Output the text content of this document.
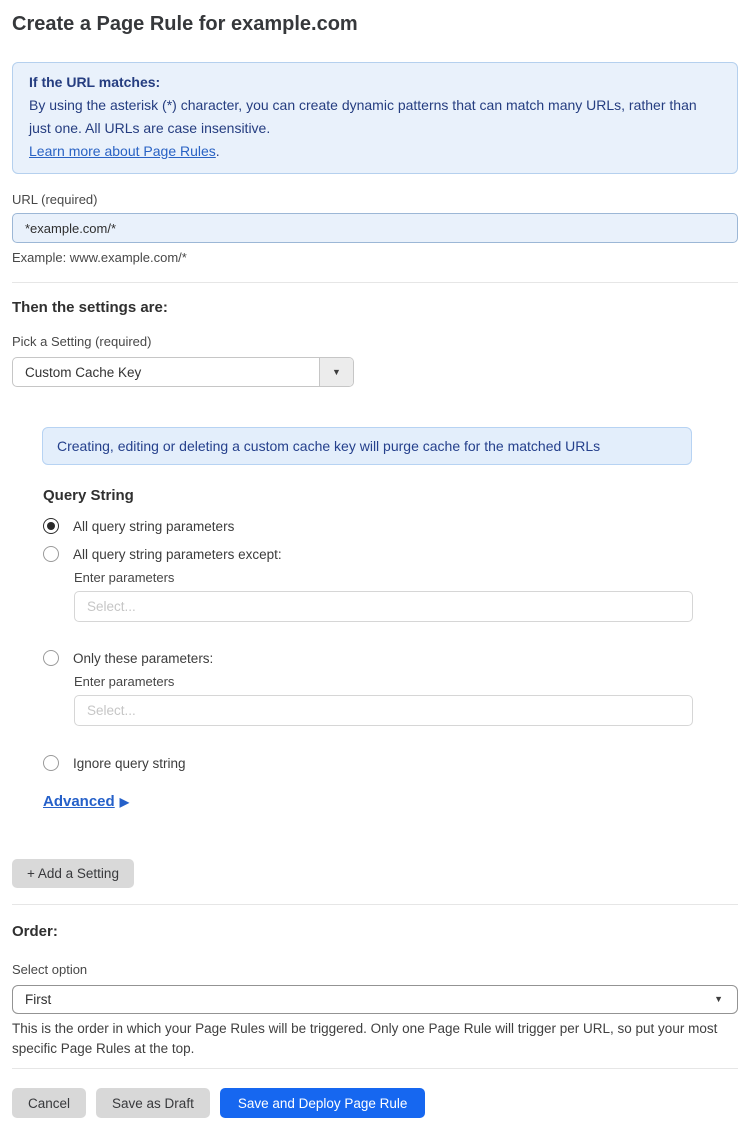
Create a Page Rule for example.com
If the URL matches:
By using the asterisk (*) character, you can create dynamic patterns that can match many URLs, rather than just one. All URLs are case insensitive.
Learn more about Page Rules.
URL (required)
*example.com/*
Example: www.example.com/*
Then the settings are:
Pick a Setting (required)
Custom Cache Key	▼
Creating, editing or deleting a custom cache key will purge cache for the matched URLs
Query String
All query string parameters
All query string parameters except:
Enter parameters
Select...
Only these parameters:
Enter parameters
Select...
Ignore query string
Advanced ▶
+ Add a Setting
Order:
Select option
First	▼
This is the order in which your Page Rules will be triggered. Only one Page Rule will trigger per URL, so put your most specific Page Rules at the top.
Cancel	Save as Draft	Save and Deploy Page Rule
